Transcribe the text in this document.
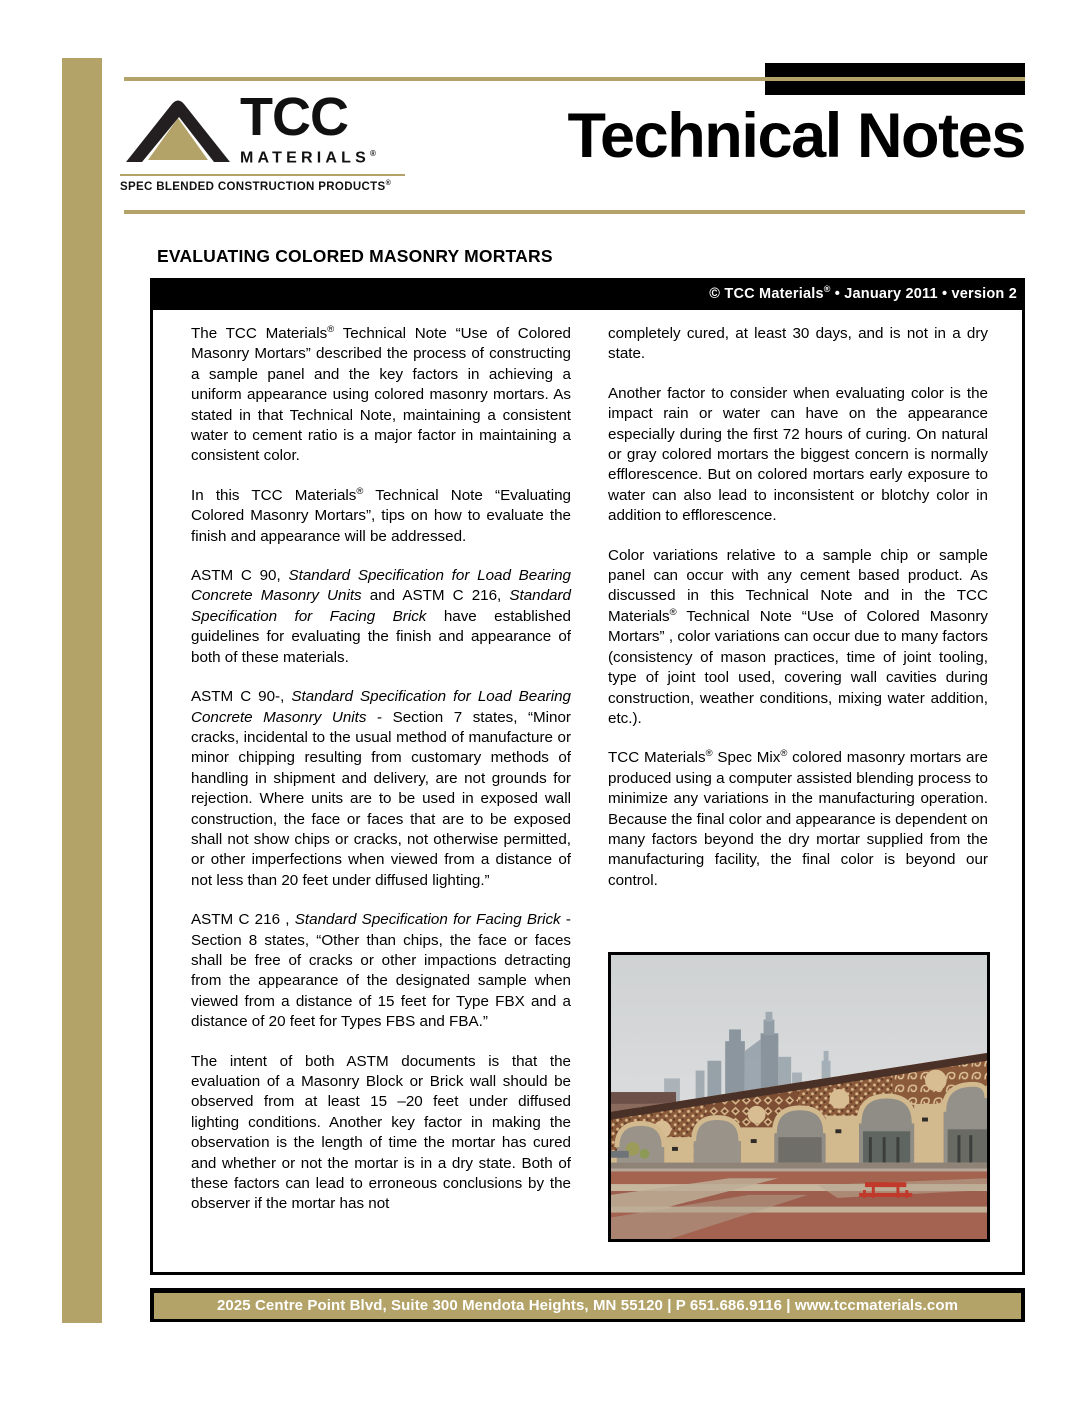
TCC
MATERIALS®
SPEC BLENDED CONSTRUCTION PRODUCTS®
Technical Notes
EVALUATING COLORED MASONRY MORTARS
© TCC Materials® • January 2011 • version 2

The TCC Materials® Technical Note “Use of Colored Masonry Mortars” described the process of constructing a sample panel and the key factors in achieving a uniform appearance using colored masonry mortars. As stated in that Technical Note, maintaining a consistent water to cement ratio is a major factor in maintaining a consistent color.

In this TCC Materials® Technical Note “Evaluating Colored Masonry Mortars”, tips on how to evaluate the finish and appearance will be addressed.

ASTM C 90, Standard Specification for Load Bearing Concrete Masonry Units and ASTM C 216, Standard Specification for Facing Brick have established guidelines for evaluating the finish and appearance of both of these materials.

ASTM C 90-, Standard Specification for Load Bearing Concrete Masonry Units - Section 7 states, “Minor cracks, incidental to the usual method of manufacture or minor chipping resulting from customary methods of handling in shipment and delivery, are not grounds for rejection. Where units are to be used in exposed wall construction, the face or faces that are to be exposed shall not show chips or cracks, not otherwise permitted, or other imperfections when viewed from a distance of not less than 20 feet under diffused lighting.”

ASTM C 216 , Standard Specification for Facing Brick - Section 8 states, “Other than chips, the face or faces shall be free of cracks or other impactions detracting from the appearance of the designated sample when viewed from a distance of 15 feet for Type FBX and a distance of 20 feet for Types FBS and FBA.”

The intent of both ASTM documents is that the evaluation of a Masonry Block or Brick wall should be observed from at least 15 –20 feet under diffused lighting conditions. Another key factor in making the observation is the length of time the mortar has cured and whether or not the mortar is in a dry state. Both of these factors can lead to erroneous conclusions by the observer if the mortar has not

completely cured, at least 30 days, and is not in a dry state.

Another factor to consider when evaluating color is the impact rain or water can have on the appearance especially during the first 72 hours of curing. On natural or gray colored mortars the biggest concern is normally efflorescence. But on colored mortars early exposure to water can also lead to inconsistent or blotchy color in addition to efflorescence.

Color variations relative to a sample chip or sample panel can occur with any cement based product. As discussed in this Technical Note and in the TCC Materials® Technical Note “Use of Colored Masonry Mortars” , color variations can occur due to many factors (consistency of mason practices, time of joint tooling, type of joint tool used, covering wall cavities during construction, weather conditions, mixing water addition, etc.).

TCC Materials® Spec Mix® colored masonry mortars are produced using a computer assisted blending process to minimize any variations in the manufacturing operation. Because the final color and appearance is dependent on many factors beyond the dry mortar supplied from the manufacturing facility, the final color is beyond our control.

2025 Centre Point Blvd, Suite 300 Mendota Heights, MN 55120 | P 651.686.9116 | www.tccmaterials.com
